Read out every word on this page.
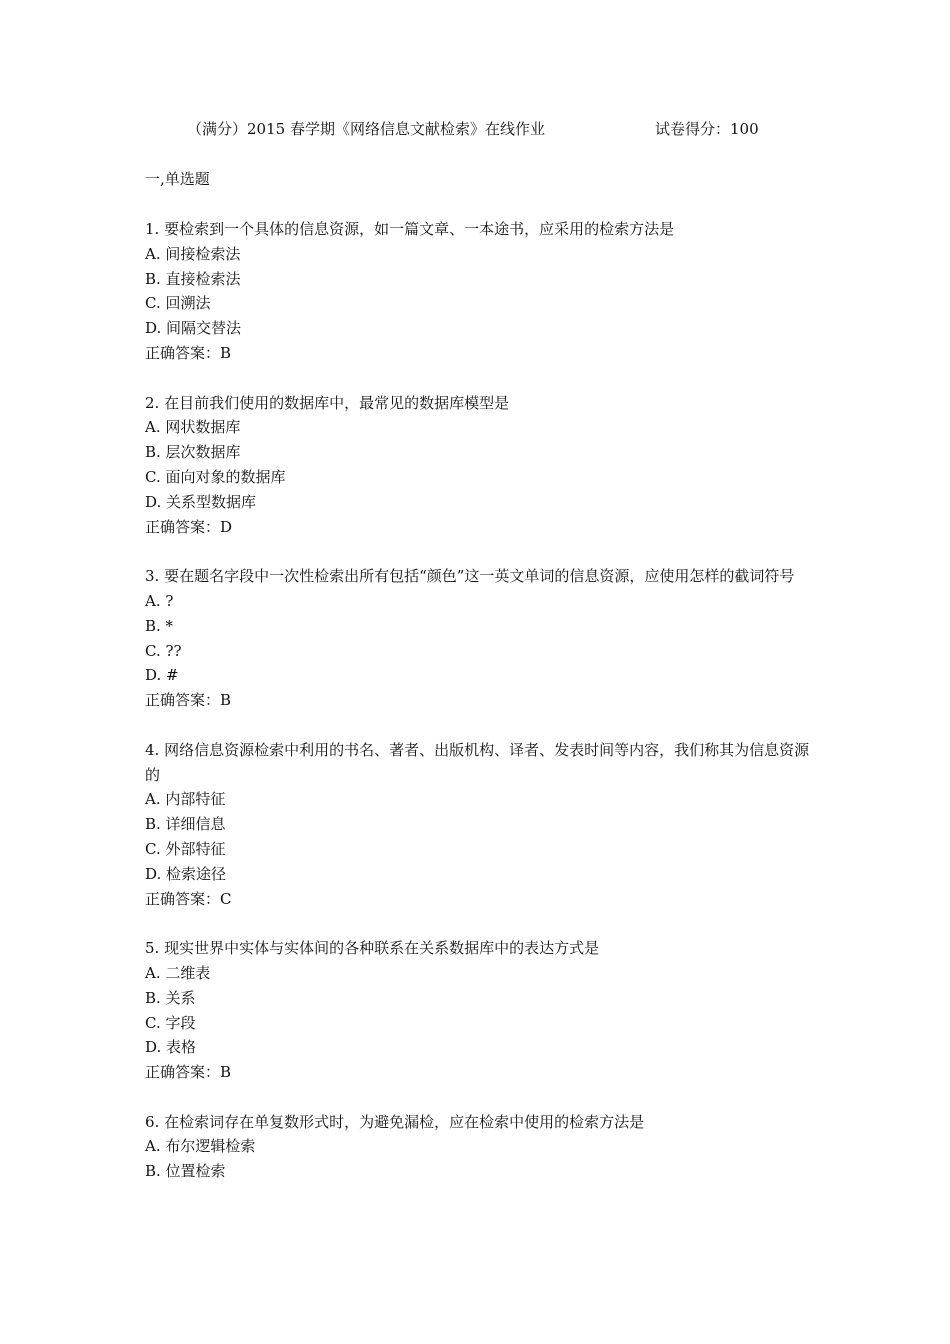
（满分）2015 春学期《网络信息文献检索》在线作业	试卷得分：100
一,单选题
1. 要检索到一个具体的信息资源，如一篇文章、一本途书，应采用的检索方法是
A. 间接检索法
B. 直接检索法
C. 回溯法
D. 间隔交替法
正确答案：B
2. 在目前我们使用的数据库中，最常见的数据库模型是
A. 网状数据库
B. 层次数据库
C. 面向对象的数据库
D. 关系型数据库
正确答案：D
3. 要在题名字段中一次性检索出所有包括“颜色”这一英文单词的信息资源，应使用怎样的截词符号
A. ?
B. *
C. ??
D. #
正确答案：B
4. 网络信息资源检索中利用的书名、著者、出版机构、译者、发表时间等内容，我们称其为信息资源的
A. 内部特征
B. 详细信息
C. 外部特征
D. 检索途径
正确答案：C
5. 现实世界中实体与实体间的各种联系在关系数据库中的表达方式是
A. 二维表
B. 关系
C. 字段
D. 表格
正确答案：B
6. 在检索词存在单复数形式时，为避免漏检，应在检索中使用的检索方法是
A. 布尔逻辑检索
B. 位置检索
